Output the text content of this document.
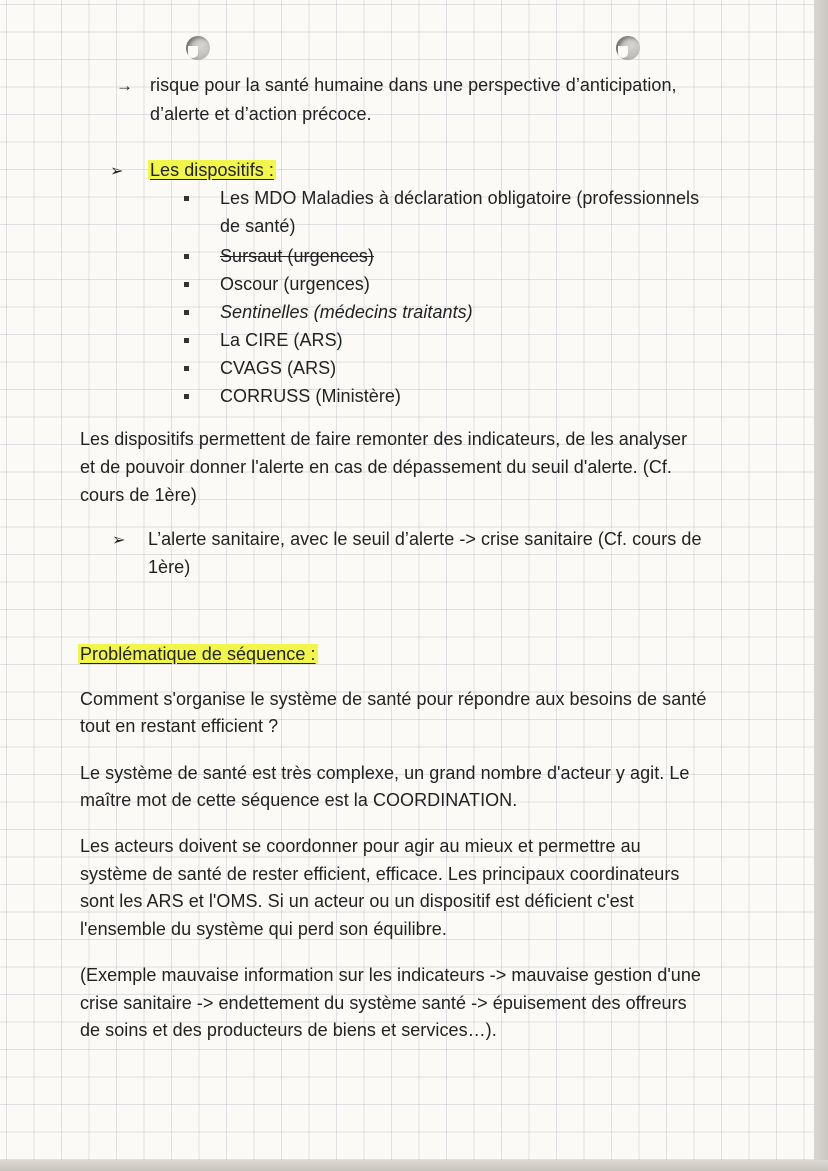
→ risque pour la santé humaine dans une perspective d’anticipation,
d’alerte et d’action précoce.
➢ Les dispositifs :
Les MDO Maladies à déclaration obligatoire (professionnels
de santé)
Sursaut (urgences)
Oscour (urgences)
Sentinelles (médecins traitants)
La CIRE (ARS)
CVAGS (ARS)
CORRUSS (Ministère)
Les dispositifs permettent de faire remonter des indicateurs, de les analyser
et de pouvoir donner l'alerte en cas de dépassement du seuil d'alerte. (Cf.
cours de 1ère)
➢ L’alerte sanitaire, avec le seuil d’alerte -> crise sanitaire (Cf. cours de
1ère)
Problématique de séquence :
Comment s'organise le système de santé pour répondre aux besoins de santé
tout en restant efficient ?
Le système de santé est très complexe, un grand nombre d'acteur y agit. Le
maître mot de cette séquence est la COORDINATION.
Les acteurs doivent se coordonner pour agir au mieux et permettre au
système de santé de rester efficient, efficace. Les principaux coordinateurs
sont les ARS et l'OMS. Si un acteur ou un dispositif est déficient c'est
l'ensemble du système qui perd son équilibre.
(Exemple mauvaise information sur les indicateurs -> mauvaise gestion d'une
crise sanitaire -> endettement du système santé -> épuisement des offreurs
de soins et des producteurs de biens et services…).
